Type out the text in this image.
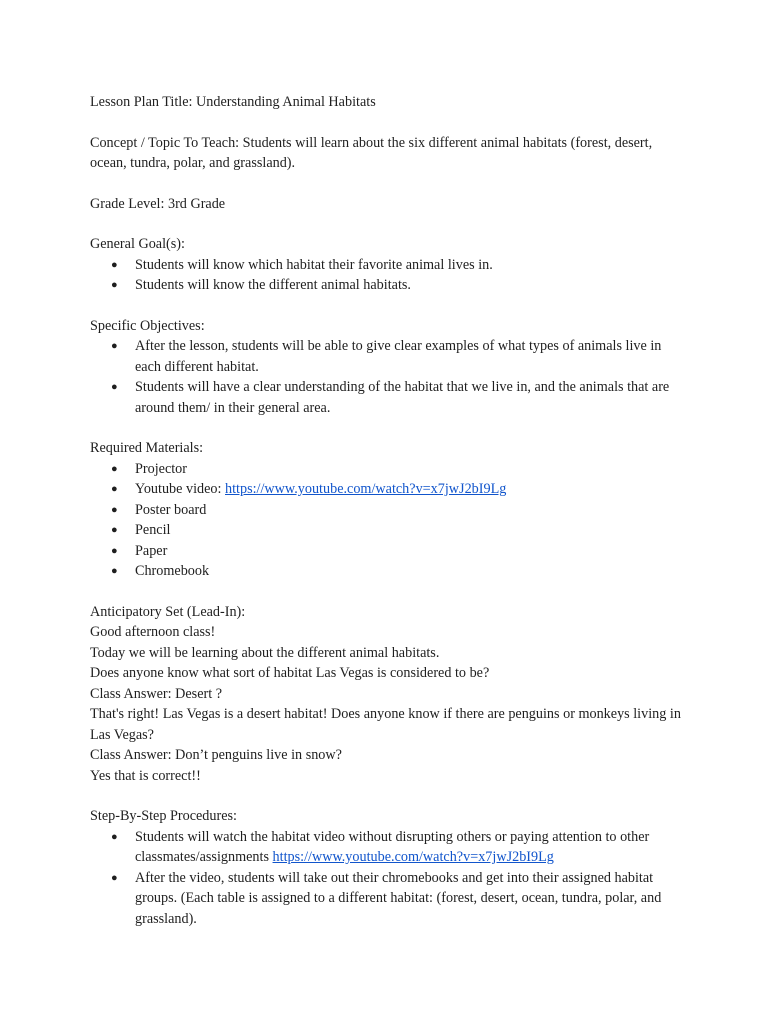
Lesson Plan Title: Understanding Animal Habitats

Concept / Topic To Teach: Students will learn about the six different animal habitats (forest, desert, ocean, tundra, polar, and grassland).

Grade Level: 3rd Grade

General Goal(s):

● Students will know which habitat their favorite animal lives in.
● Students will know the different animal habitats.

Specific Objectives:

● After the lesson, students will be able to give clear examples of what types of animals live in each different habitat.
● Students will have a clear understanding of the habitat that we live in, and the animals that are around them/ in their general area.

Required Materials:

● Projector
● Youtube video: https://www.youtube.com/watch?v=x7jwJ2bI9Lg
● Poster board
● Pencil
● Paper
● Chromebook

Anticipatory Set (Lead-In):

Good afternoon class!

Today we will be learning about the different animal habitats.

Does anyone know what sort of habitat Las Vegas is considered to be?

Class Answer: Desert ?

That's right! Las Vegas is a desert habitat! Does anyone know if there are penguins or monkeys living in Las Vegas?

Class Answer: Don’t penguins live in snow?

Yes that is correct!!

Step-By-Step Procedures:

● Students will watch the habitat video without disrupting others or paying attention to other classmates/assignments https://www.youtube.com/watch?v=x7jwJ2bI9Lg
● After the video, students will take out their chromebooks and get into their assigned habitat groups. (Each table is assigned to a different habitat: (forest, desert, ocean, tundra, polar, and grassland).
